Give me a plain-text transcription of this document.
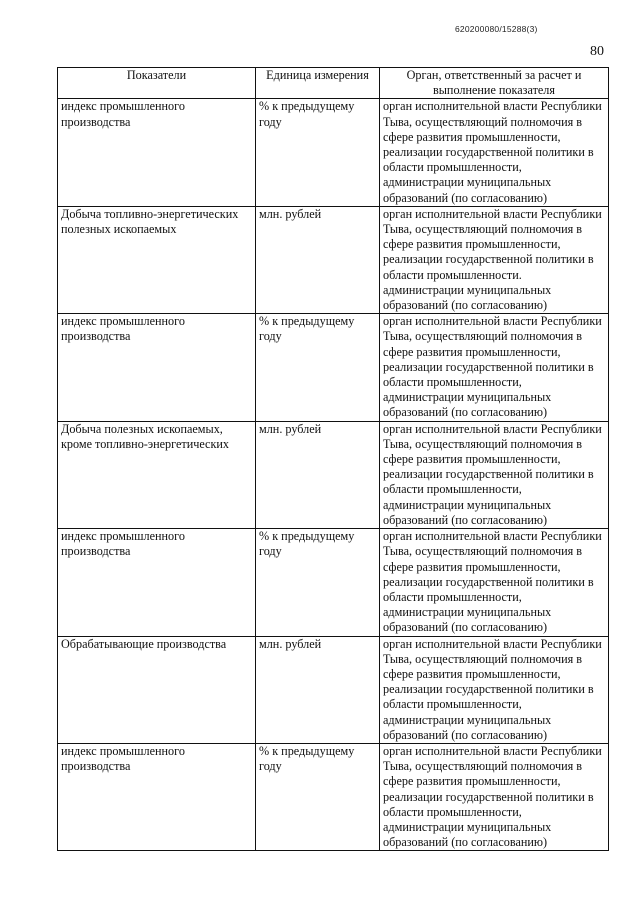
620200080/15288(3)
80
Показатели	Единица измерения	Орган, ответственный за расчет и выполнение показателя
индекс промышленного производства	% к предыдущему году	орган исполнительной власти Республики Тыва, осуществляющий полномочия в сфере развития промышленности, реализации государственной политики в области промышленности, администрации муниципальных образований (по согласованию)
Добыча топливно-энергетических полезных ископаемых	млн. рублей	орган исполнительной власти Республики Тыва, осуществляющий полномочия в сфере развития промышленности, реализации государственной политики в области промышленности. администрации муниципальных образований (по согласованию)
индекс промышленного производства	% к предыдущему году	орган исполнительной власти Республики Тыва, осуществляющий полномочия в сфере развития промышленности, реализации государственной политики в области промышленности, администрации муниципальных образований (по согласованию)
Добыча полезных ископаемых, кроме топливно-энергетических	млн. рублей	орган исполнительной власти Республики Тыва, осуществляющий полномочия в сфере развития промышленности, реализации государственной политики в области промышленности, администрации муниципальных образований (по согласованию)
индекс промышленного производства	% к предыдущему году	орган исполнительной власти Республики Тыва, осуществляющий полномочия в сфере развития промышленности, реализации государственной политики в области промышленности, администрации муниципальных образований (по согласованию)
Обрабатывающие производства	млн. рублей	орган исполнительной власти Республики Тыва, осуществляющий полномочия в сфере развития промышленности, реализации государственной политики в области промышленности, администрации муниципальных образований (по согласованию)
индекс промышленного производства	% к предыдущему году	орган исполнительной власти Республики Тыва, осуществляющий полномочия в сфере развития промышленности, реализации государственной политики в области промышленности, администрации муниципальных образований (по согласованию)
